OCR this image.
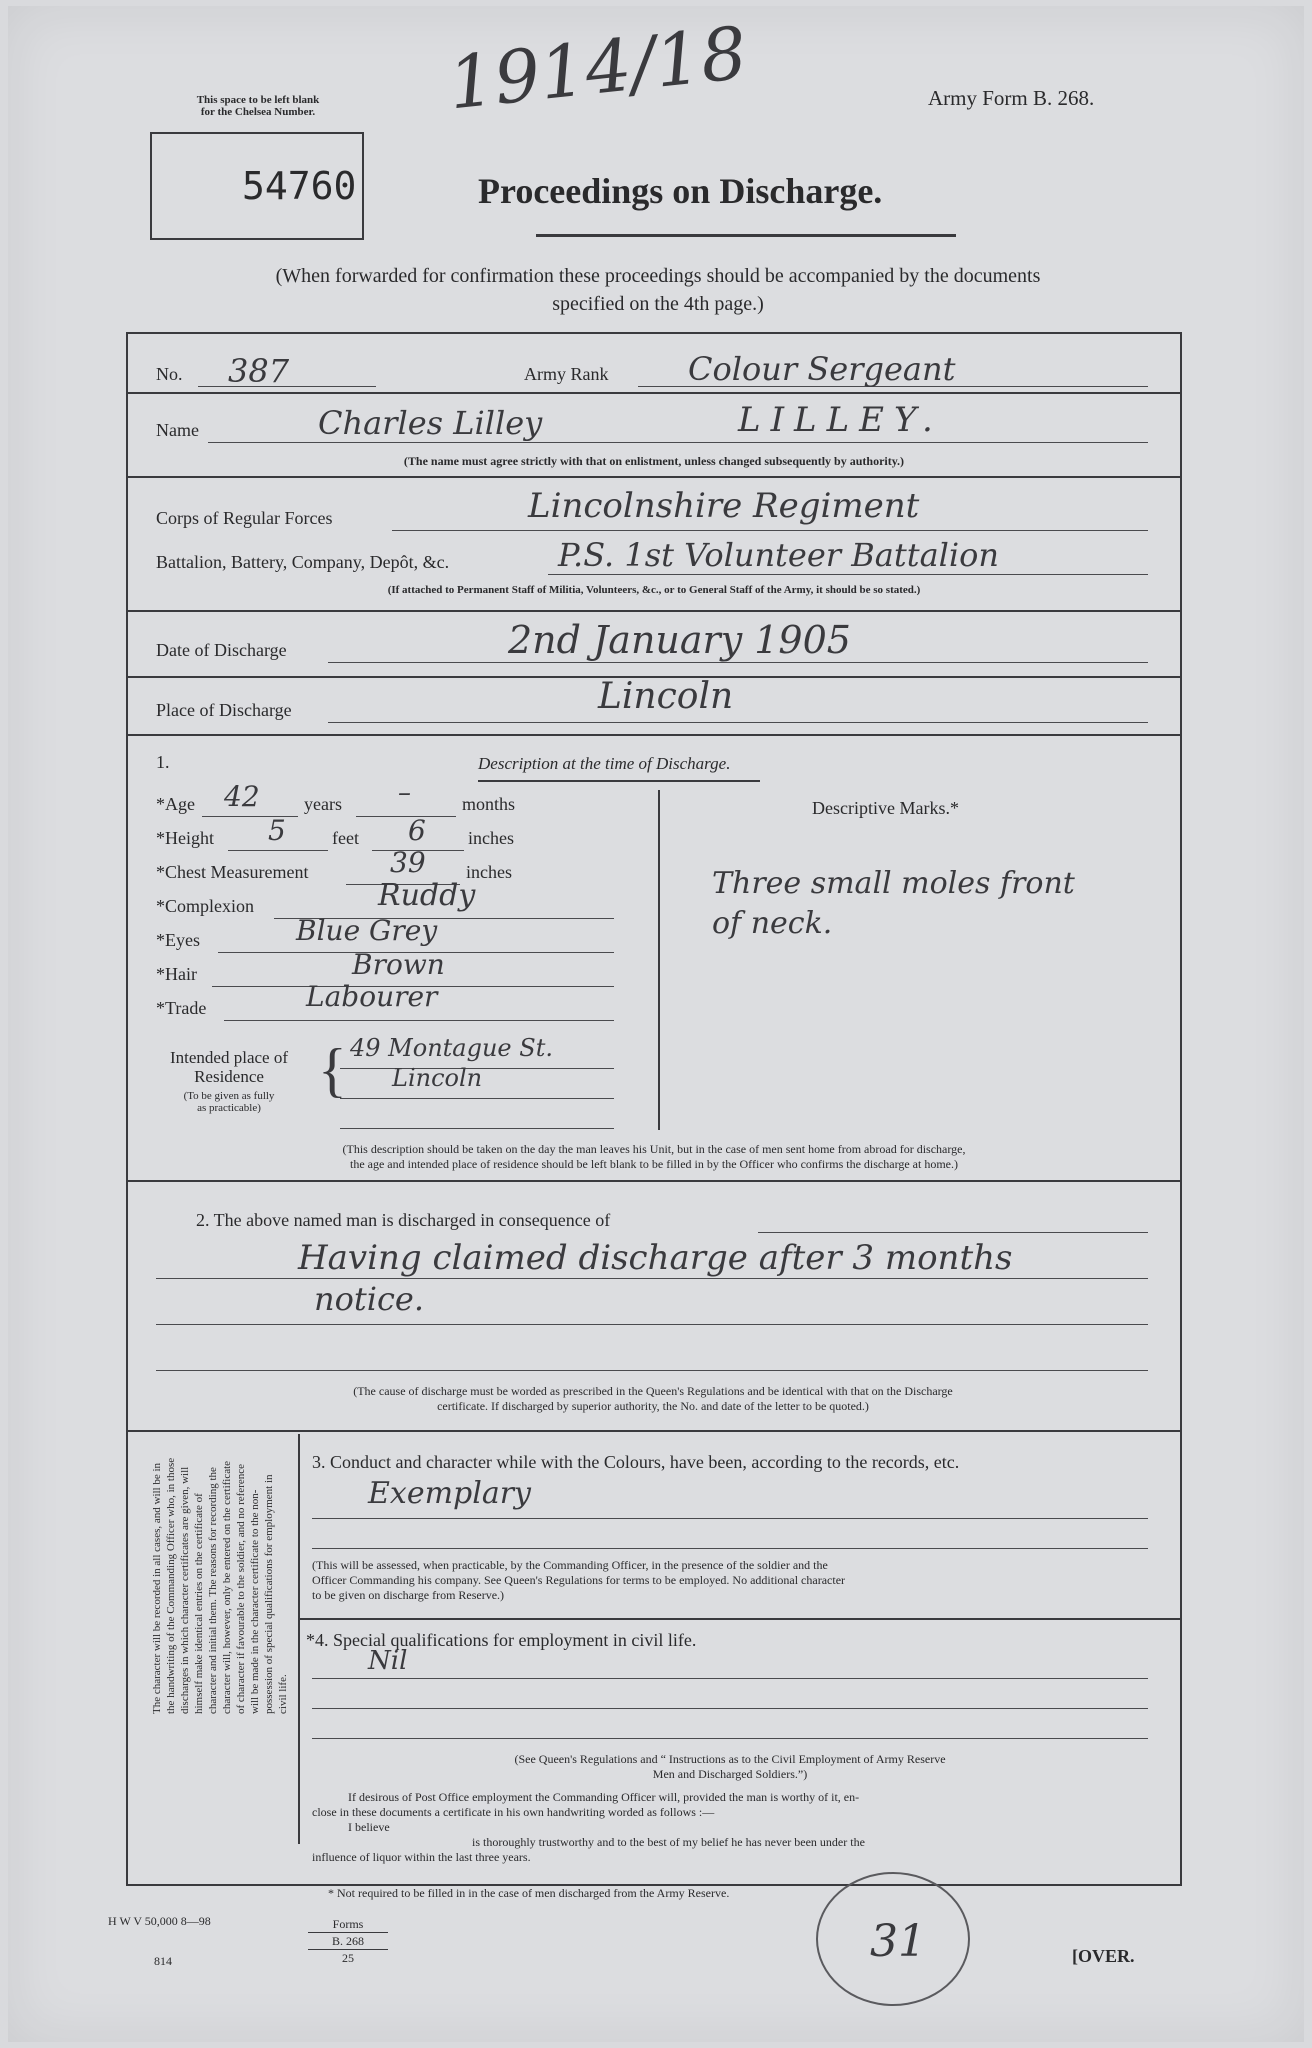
This space to be left blank
for the Chelsea Number.
54760
1914/18	Army Form B. 268.
Proceedings on Discharge.
(When forwarded for confirmation these proceedings should be accompanied by the documents
specified on the 4th page.)
No. 387	Army Rank Colour Sergeant
Name	Charles Lilley	LILLEY.
(The name must agree strictly with that on enlistment, unless changed subsequently by authority.)
Corps of Regular Forces	Lincolnshire Regiment
Battalion, Battery, Company, Depôt, &c.	P.S. 1st Volunteer Battalion
(If attached to Permanent Staff of Militia, Volunteers, &c., or to General Staff of the Army, it should be so stated.)
Date of Discharge	2nd January 1905
Place of Discharge	Lincoln
1.	Description at the time of Discharge.
*Age 42 years –	months
*Height 5	feet 6 inches
*Chest Measurement	39 inches
*Complexion	Ruddy
*Eyes	Blue Grey
*Hair	Brown
*Trade	Labourer
Intended place of
Residence
(To be given as fully
as practicable)
{ 49 Montague St.
Lincoln
Descriptive Marks.*
Three small moles front
of neck.
(This description should be taken on the day the man leaves his Unit, but in the case of men sent home from abroad for discharge,
the age and intended place of residence should be left blank to be filled in by the Officer who confirms the discharge at home.)
2. The above named man is discharged in consequence of
Having claimed discharge after 3 months
notice.
(The cause of discharge must be worded as prescribed in the Queen's Regulations and be identical with that on the Discharge
certificate. If discharged by superior authority, the No. and date of the letter to be quoted.)
The character will be recorded in all cases, and will be in the handwriting of the Commanding Officer who, in those discharges in which character certificates are given, will himself make identical entries on the certificate of character and initial them. The reasons for recording the character will, however, only be entered on the certificate of character if favourable to the soldier, and no reference will be made in the character certificate to the non-possession of special qualifications for employment in civil life.
3. Conduct and character while with the Colours, have been, according to the records, etc.
Exemplary
(This will be assessed, when practicable, by the Commanding Officer, in the presence of the soldier and the
Officer Commanding his company. See Queen's Regulations for terms to be employed. No additional character
to be given on discharge from Reserve.)
*4. Special qualifications for employment in civil life.
Nil
(See Queen's Regulations and “ Instructions as to the Civil Employment of Army Reserve
Men and Discharged Soldiers.”)
If desirous of Post Office employment the Commanding Officer will, provided the man is worthy of it, en-
close in these documents a certificate in his own handwriting worded as follows :—
I believe
is thoroughly trustworthy and to the best of my belief he has never been under the
influence of liquor within the last three years.
* Not required to be filled in in the case of men discharged from the Army Reserve.
H W V 50,000 8—98
814
Forms
B. 268
25	31	[OVER.
